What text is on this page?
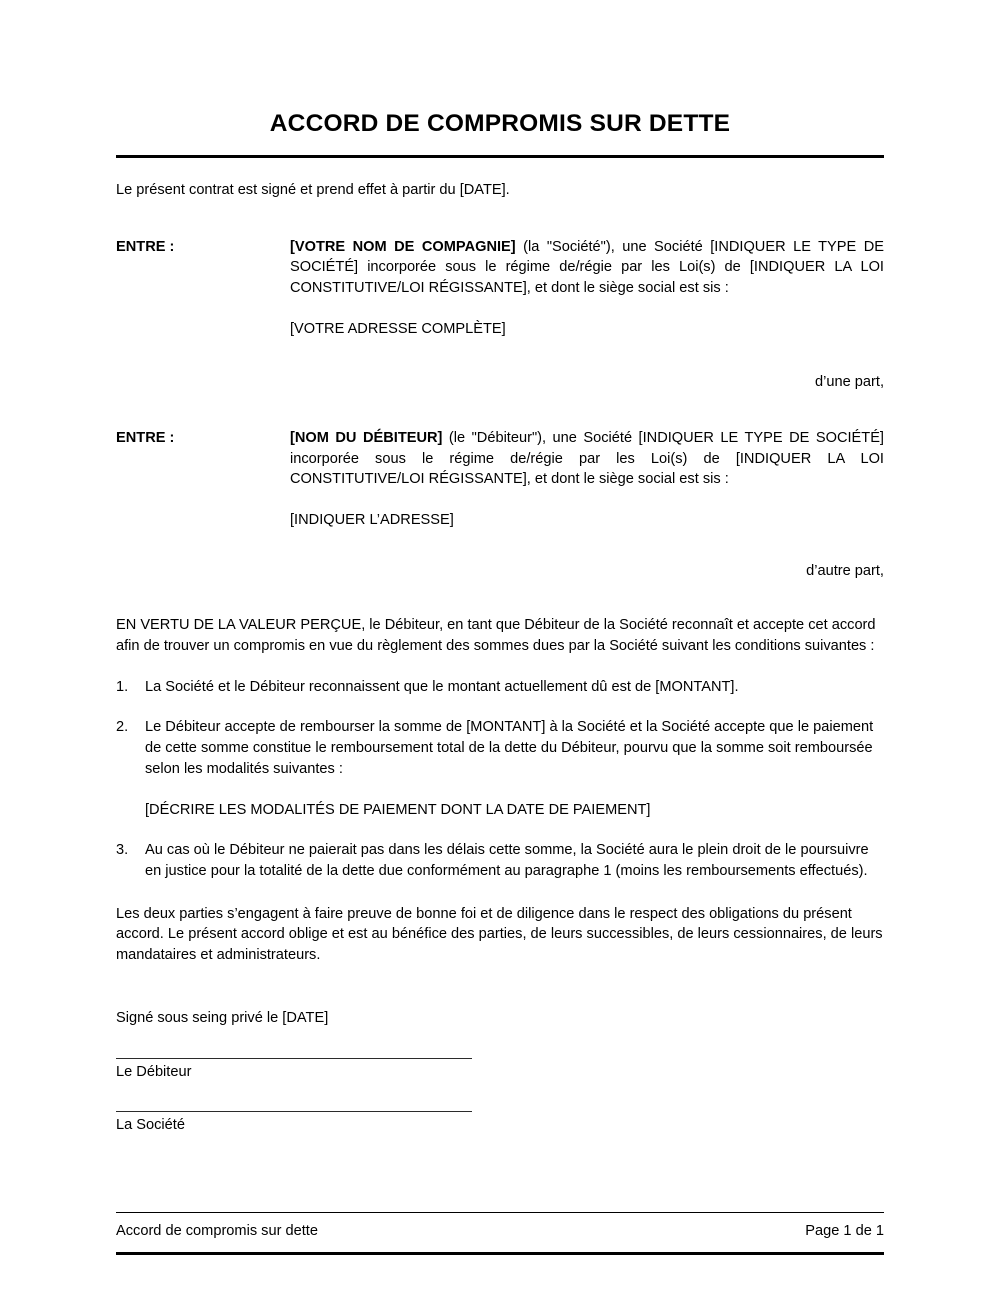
ACCORD DE COMPROMIS SUR DETTE

Le présent contrat est signé et prend effet à partir du [DATE].

ENTRE :	[VOTRE NOM DE COMPAGNIE] (la "Société"), une Société [INDIQUER LE TYPE DE SOCIÉTÉ] incorporée sous le régime de/régie par les Loi(s) de [INDIQUER LA LOI CONSTITUTIVE/LOI RÉGISSANTE], et dont le siège social est sis :
[VOTRE ADRESSE COMPLÈTE]
d’une part,
ENTRE :	[NOM DU DÉBITEUR] (le "Débiteur"), une Société [INDIQUER LE TYPE DE SOCIÉTÉ] incorporée sous le régime de/régie par les Loi(s) de [INDIQUER LA LOI CONSTITUTIVE/LOI RÉGISSANTE], et dont le siège social est sis :
[INDIQUER L’ADRESSE]
d’autre part,

EN VERTU DE LA VALEUR PERÇUE, le Débiteur, en tant que Débiteur de la Société reconnaît et accepte cet accord afin de trouver un compromis en vue du règlement des sommes dues par la Société suivant les conditions suivantes :

1.	La Société et le Débiteur reconnaissent que le montant actuellement dû est de [MONTANT].
2.	Le Débiteur accepte de rembourser la somme de [MONTANT] à la Société et la Société accepte que le paiement de cette somme constitue le remboursement total de la dette du Débiteur, pourvu que la somme soit remboursée selon les modalités suivantes :
[DÉCRIRE LES MODALITÉS DE PAIEMENT DONT LA DATE DE PAIEMENT]
3.	Au cas où le Débiteur ne paierait pas dans les délais cette somme, la Société aura le plein droit de le poursuivre en justice pour la totalité de la dette due conformément au paragraphe 1 (moins les remboursements effectués).

Les deux parties s’engagent à faire preuve de bonne foi et de diligence dans le respect des obligations du présent accord. Le présent accord oblige et est au bénéfice des parties, de leurs successibles, de leurs cessionnaires, de leurs mandataires et administrateurs.

Signé sous seing privé le [DATE]

Le Débiteur
La Société
Accord de compromis sur dette	Page 1 de 1
